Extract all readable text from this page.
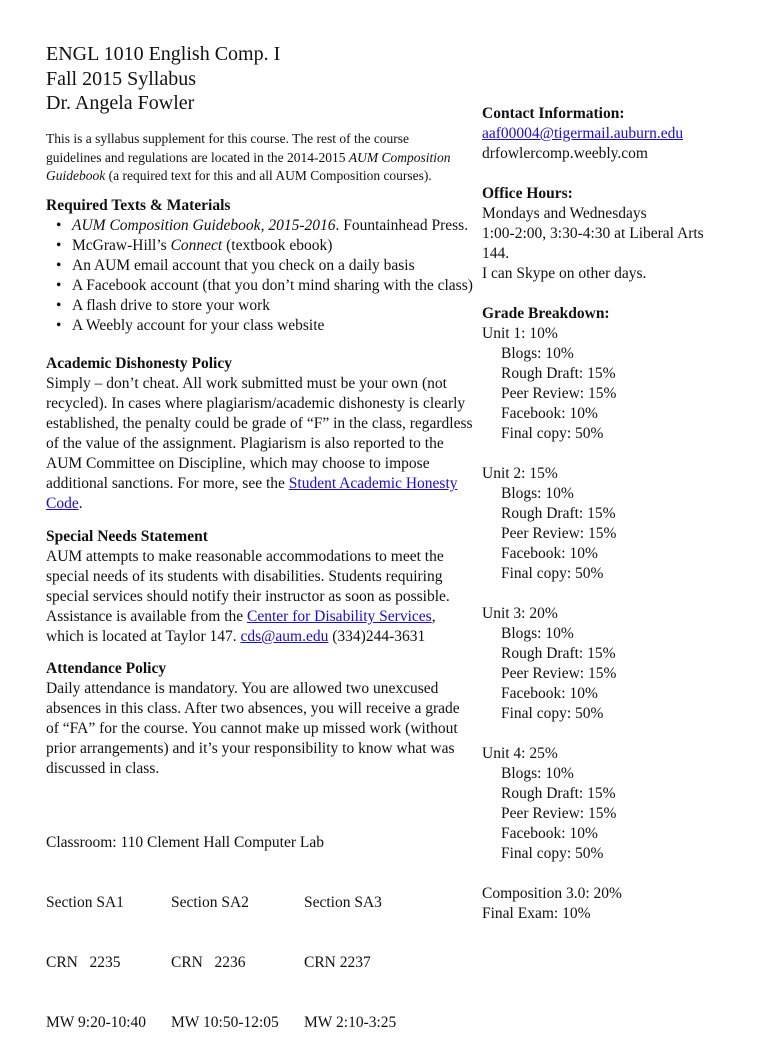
ENGL 1010 English Comp. I
Fall 2015 Syllabus
Dr. Angela Fowler
This is a syllabus supplement for this course. The rest of the course guidelines and regulations are located in the 2014-2015 AUM Composition Guidebook (a required text for this and all AUM Composition courses).
Required Texts & Materials
• AUM Composition Guidebook, 2015-2016. Fountainhead Press.
• McGraw-Hill’s Connect (textbook ebook)
• An AUM email account that you check on a daily basis
• A Facebook account (that you don’t mind sharing with the class)
• A flash drive to store your work
• A Weebly account for your class website
Academic Dishonesty Policy
Simply – don’t cheat. All work submitted must be your own (not recycled). In cases where plagiarism/academic dishonesty is clearly established, the penalty could be grade of “F” in the class, regardless of the value of the assignment. Plagiarism is also reported to the AUM Committee on Discipline, which may choose to impose additional sanctions. For more, see the Student Academic Honesty Code.
Special Needs Statement
AUM attempts to make reasonable accommodations to meet the special needs of its students with disabilities. Students requiring special services should notify their instructor as soon as possible. Assistance is available from the Center for Disability Services, which is located at Taylor 147. cds@aum.edu (334)244-3631
Attendance Policy
Daily attendance is mandatory. You are allowed two unexcused absences in this class. After two absences, you will receive a grade of “FA” for the course. You cannot make up missed work (without prior arrangements) and it’s your responsibility to know what was discussed in class.

Classroom: 110 Clement Hall Computer Lab

Section SA1	Section SA2	Section SA3

CRN   2235	CRN   2236	CRN 2237

MW 9:20-10:40	MW 10:50-12:05	MW 2:10-3:25

Contact Information:
aaf00004@tigermail.auburn.edu
drfowlercomp.weebly.com
Office Hours:
Mondays and Wednesdays
1:00-2:00, 3:30-4:30 at Liberal Arts 144.
I can Skype on other days.
Grade Breakdown:
Unit 1: 10%
Blogs: 10%
Rough Draft: 15%
Peer Review: 15%
Facebook: 10%
Final copy: 50%
Unit 2: 15%
Blogs: 10%
Rough Draft: 15%
Peer Review: 15%
Facebook: 10%
Final copy: 50%
Unit 3: 20%
Blogs: 10%
Rough Draft: 15%
Peer Review: 15%
Facebook: 10%
Final copy: 50%
Unit 4: 25%
Blogs: 10%
Rough Draft: 15%
Peer Review: 15%
Facebook: 10%
Final copy: 50%
Composition 3.0: 20%
Final Exam: 10%
